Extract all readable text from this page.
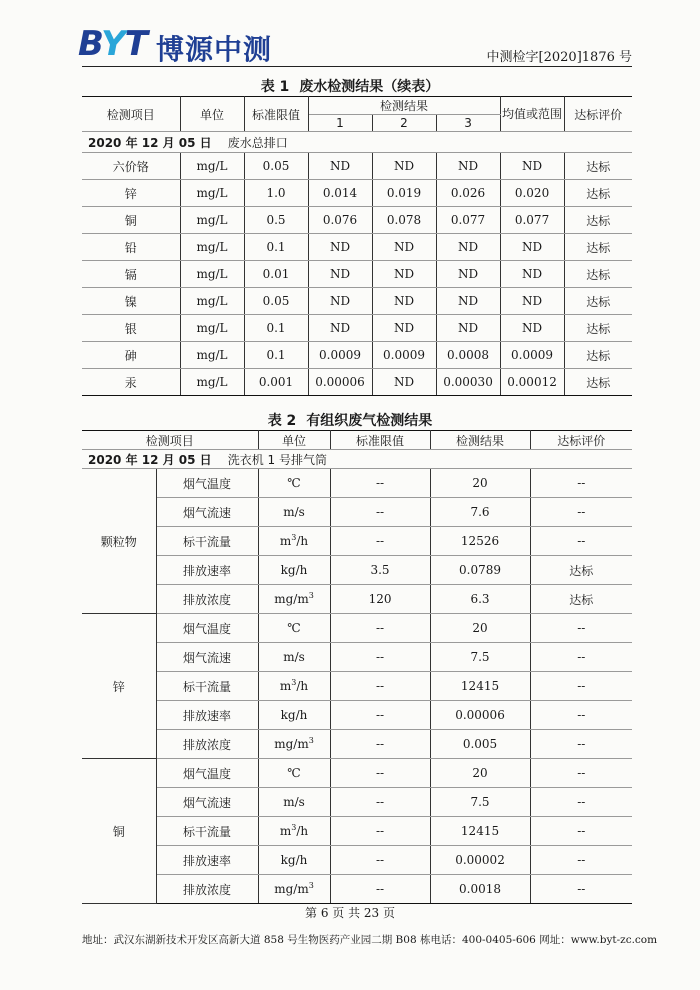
BYT 博源中测	中测检字[2020]1876 号
表 1 废水检测结果（续表）
检测项目	单位	标准限值	检测结果			均值或范围	达标评价
			1	2	3		
2020 年 12 月 05 日 废水总排口							
六价铬	mg/L	0.05	ND	ND	ND	ND	达标
锌	mg/L	1.0	0.014	0.019	0.026	0.020	达标
铜	mg/L	0.5	0.076	0.078	0.077	0.077	达标
铅	mg/L	0.1	ND	ND	ND	ND	达标
镉	mg/L	0.01	ND	ND	ND	ND	达标
镍	mg/L	0.05	ND	ND	ND	ND	达标
银	mg/L	0.1	ND	ND	ND	ND	达标
砷	mg/L	0.1	0.0009	0.0009	0.0008	0.0009	达标
汞	mg/L	0.001	0.00006	ND	0.00030	0.00012	达标
表 2 有组织废气检测结果
检测项目		单位	标准限值	检测结果	达标评价
2020 年 12 月 05 日 洗衣机 1 号排气筒					
颗粒物	烟气温度	℃	--	20	--
	烟气流速	m/s	--	7.6	--
	标干流量	$m^3/h$	--	12526	--
	排放速率	kg/h	3.5	0.0789	达标
	排放浓度	$mg/m^3$	120	6.3	达标
锌	烟气温度	℃	--	20	--
	烟气流速	m/s	--	7.5	--
	标干流量	$m^3/h$	--	12415	--
	排放速率	kg/h	--	0.00006	--
	排放浓度	$mg/m^3$	--	0.005	--
铜	烟气温度	℃	--	20	--
	烟气流速	m/s	--	7.5	--
	标干流量	$m^3/h$	--	12415	--
	排放速率	kg/h	--	0.00002	--
	排放浓度	$mg/m^3$	--	0.0018	--
第 6 页 共 23 页
地址：武汉东湖新技术开发区高新大道 858 号生物医药产业园二期 B08 栋电话：400-0405-606 网址：www.byt-zc.com
